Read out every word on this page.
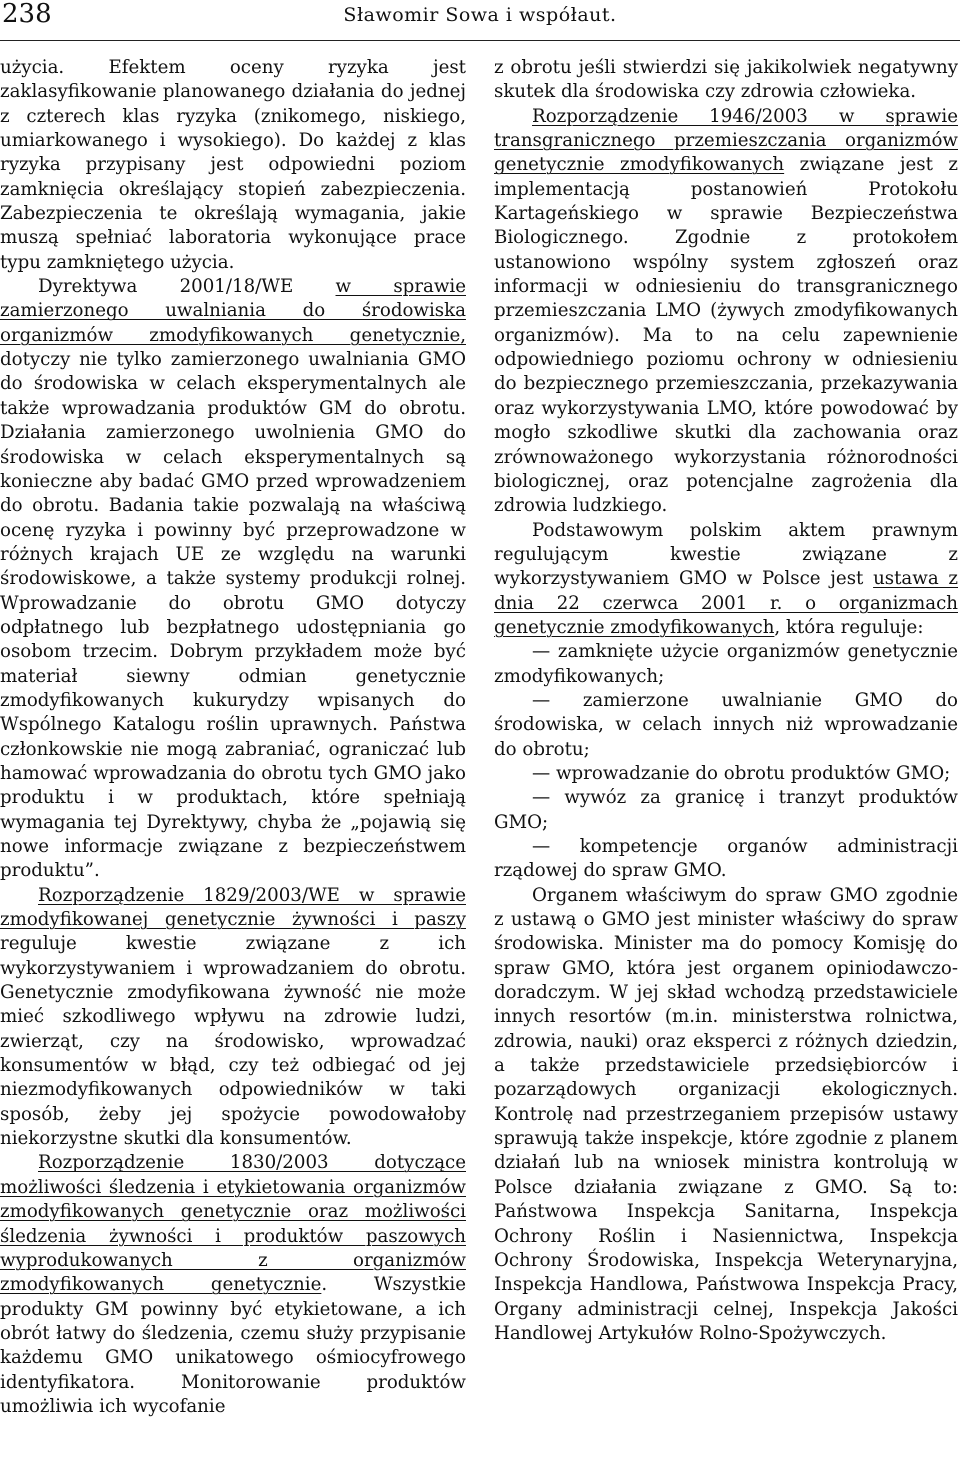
238	Sławomir Sowa i współaut.

użycia. Efektem oceny ryzyka jest zaklasyfikowanie planowanego działania do jednej z czterech klas ryzyka (znikomego, niskiego, umiarkowanego i wysokiego). Do każdej z klas ryzyka przypisany jest odpowiedni poziom zamknięcia określający stopień zabezpieczenia. Zabezpieczenia te określają wymagania, jakie muszą spełniać laboratoria wykonujące prace typu zamkniętego użycia.

Dyrektywa 2001/18/WE w sprawie zamierzonego uwalniania do środowiska organizmów zmodyfikowanych genetycznie, dotyczy nie tylko zamierzonego uwalniania GMO do środowiska w celach eksperymentalnych ale także wprowadzania produktów GM do obrotu. Działania zamierzonego uwolnienia GMO do środowiska w celach eksperymentalnych są konieczne aby badać GMO przed wprowadzeniem do obrotu. Badania takie pozwalają na właściwą ocenę ryzyka i powinny być przeprowadzone w różnych krajach UE ze względu na warunki środowiskowe, a także systemy produkcji rolnej. Wprowadzanie do obrotu GMO dotyczy odpłatnego lub bezpłatnego udostępniania go osobom trzecim. Dobrym przykładem może być materiał siewny odmian genetycznie zmodyfikowanych kukurydzy wpisanych do Wspólnego Katalogu roślin uprawnych. Państwa członkowskie nie mogą zabraniać, ograniczać lub hamować wprowadzania do obrotu tych GMO jako produktu i w produktach, które spełniają wymagania tej Dyrektywy, chyba że „pojawią się nowe informacje związane z bezpieczeństwem produktu”.

Rozporządzenie 1829/2003/WE w sprawie zmodyfikowanej genetycznie żywności i paszy reguluje kwestie związane z ich wykorzystywaniem i wprowadzaniem do obrotu. Genetycznie zmodyfikowana żywność nie może mieć szkodliwego wpływu na zdrowie ludzi, zwierząt, czy na środowisko, wprowadzać konsumentów w błąd, czy też odbiegać od jej niezmodyfikowanych odpowiedników w taki sposób, żeby jej spożycie powodowałoby niekorzystne skutki dla konsumentów.

Rozporządzenie 1830/2003 dotyczące możliwości śledzenia i etykietowania organizmów zmodyfikowanych genetycznie oraz możliwości śledzenia żywności i produktów paszowych wyprodukowanych z organizmów zmodyfikowanych genetycznie. Wszystkie produkty GM powinny być etykietowane, a ich obrót łatwy do śledzenia, czemu służy przypisanie każdemu GMO unikatowego ośmiocyfrowego identyfikatora. Monitorowanie produktów umożliwia ich wycofanie

z obrotu jeśli stwierdzi się jakikolwiek negatywny skutek dla środowiska czy zdrowia człowieka.

Rozporządzenie 1946/2003 w sprawie transgranicznego przemieszczania organizmów genetycznie zmodyfikowanych związane jest z implementacją postanowień Protokołu Kartageńskiego w sprawie Bezpieczeństwa Biologicznego. Zgodnie z protokołem ustanowiono wspólny system zgłoszeń oraz informacji w odniesieniu do transgranicznego przemieszczania LMO (żywych zmodyfikowanych organizmów). Ma to na celu zapewnienie odpowiedniego poziomu ochrony w odniesieniu do bezpiecznego przemieszczania, przekazywania oraz wykorzystywania LMO, które powodować by mogło szkodliwe skutki dla zachowania oraz zrównoważonego wykorzystania różnorodności biologicznej, oraz potencjalne zagrożenia dla zdrowia ludzkiego.

Podstawowym polskim aktem prawnym regulującym kwestie związane z wykorzystywaniem GMO w Polsce jest ustawa z dnia 22 czerwca 2001 r. o organizmach genetycznie zmodyfikowanych, która reguluje:

— zamknięte użycie organizmów genetycznie zmodyfikowanych;

— zamierzone uwalnianie GMO do środowiska, w celach innych niż wprowadzanie do obrotu;

— wprowadzanie do obrotu produktów GMO;

— wywóz za granicę i tranzyt produktów GMO;

— kompetencje organów administracji rządowej do spraw GMO.

Organem właściwym do spraw GMO zgodnie z ustawą o GMO jest minister właściwy do spraw środowiska. Minister ma do pomocy Komisję do spraw GMO, która jest organem opiniodawczo-doradczym. W jej skład wchodzą przedstawiciele innych resortów (m.in. ministerstwa rolnictwa, zdrowia, nauki) oraz eksperci z różnych dziedzin, a także przedstawiciele przedsiębiorców i pozarządowych organizacji ekologicznych. Kontrolę nad przestrzeganiem przepisów ustawy sprawują także inspekcje, które zgodnie z planem działań lub na wniosek ministra kontrolują w Polsce działania związane z GMO. Są to: Państwowa Inspekcja Sanitarna, Inspekcja Ochrony Roślin i Nasiennictwa, Inspekcja Ochrony Środowiska, Inspekcja Weterynaryjna, Inspekcja Handlowa, Państwowa Inspekcja Pracy, Organy administracji celnej, Inspekcja Jakości Handlowej Artykułów Rolno-Spożywczych.
